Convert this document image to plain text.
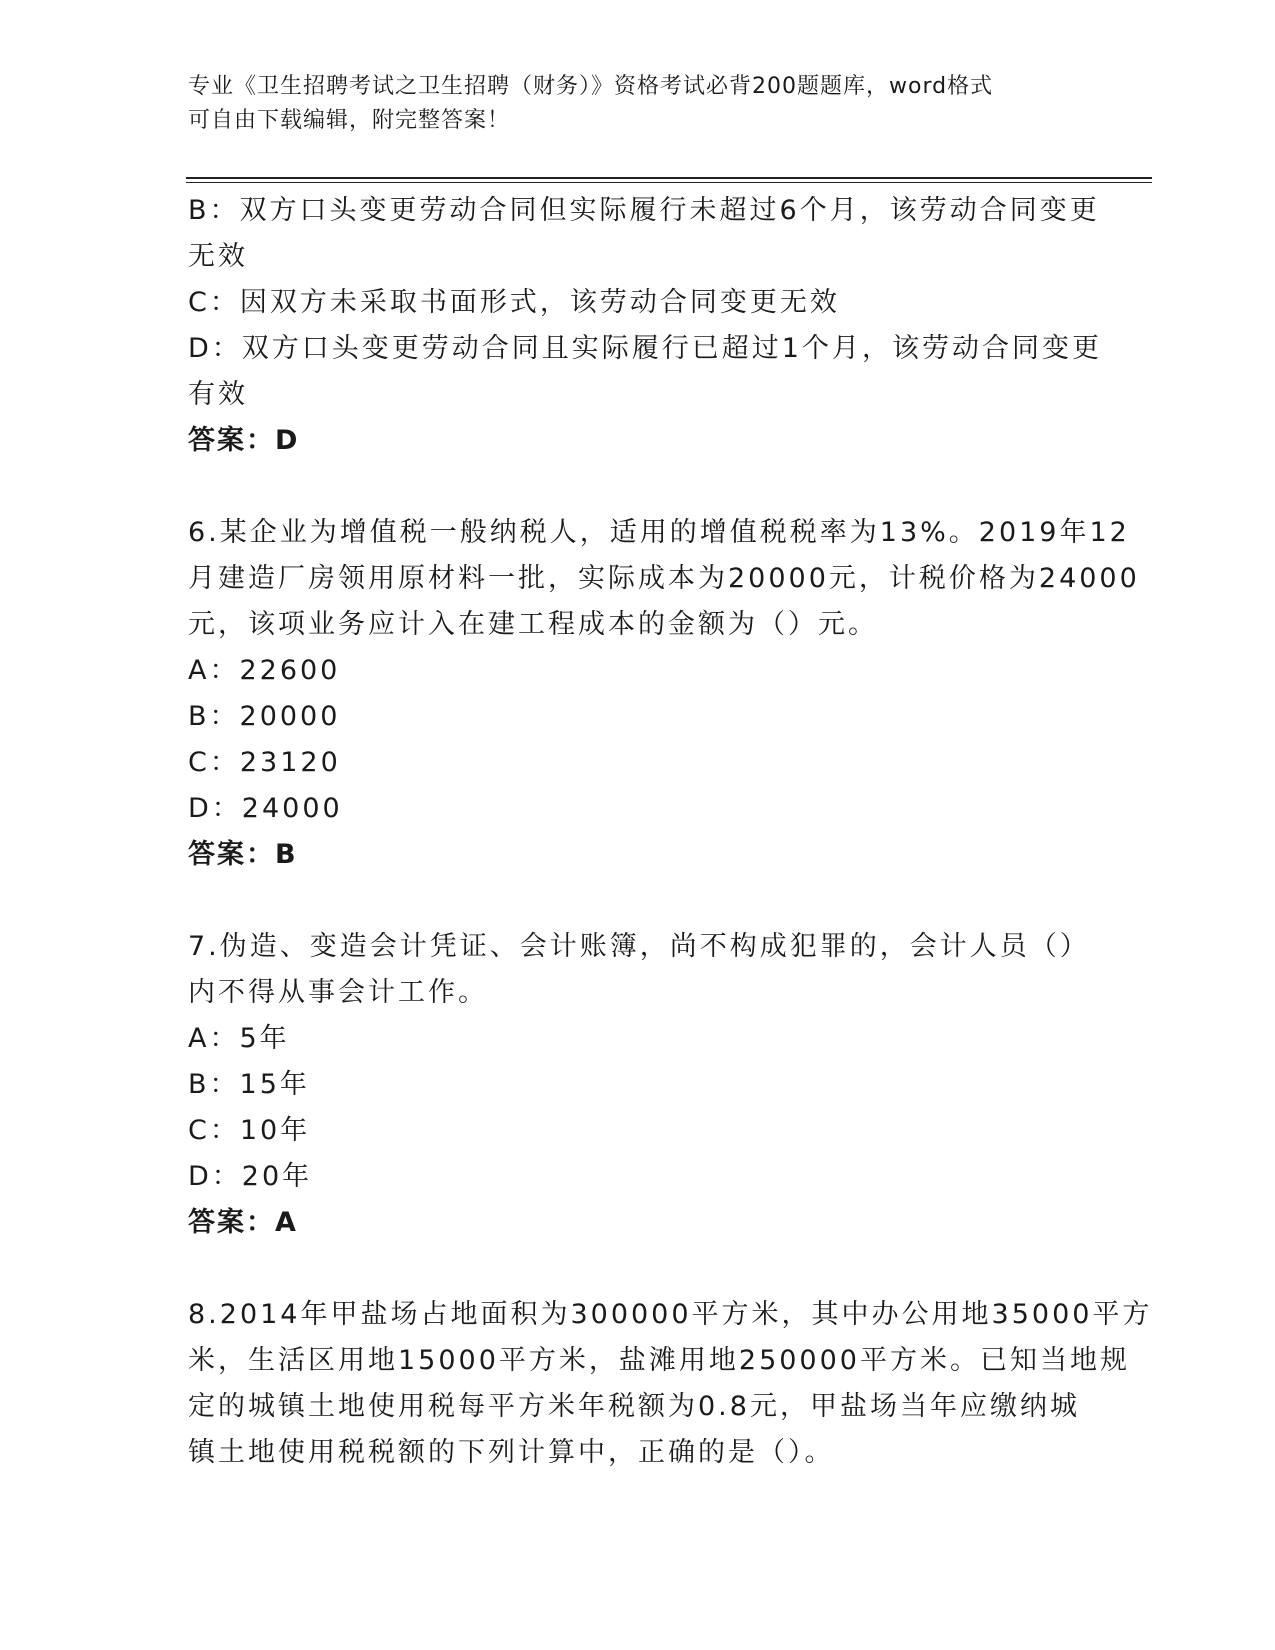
专业《卫生招聘考试之卫生招聘（财务）》资格考试必背200题题库，word格式
可自由下载编辑，附完整答案！
B：双方口头变更劳动合同但实际履行未超过6个月，该劳动合同变更
无效
C：因双方未采取书面形式，该劳动合同变更无效
D：双方口头变更劳动合同且实际履行已超过1个月，该劳动合同变更
有效
答案：D
6.某企业为增值税一般纳税人，适用的增值税税率为13%。2019年12
月建造厂房领用原材料一批，实际成本为20000元，计税价格为24000
元，该项业务应计入在建工程成本的金额为（）元。
A：22600
B：20000
C：23120
D：24000
答案：B
7.伪造、变造会计凭证、会计账簿，尚不构成犯罪的，会计人员（）
内不得从事会计工作。
A：5年
B：15年
C：10年
D：20年
答案：A
8.2014年甲盐场占地面积为300000平方米，其中办公用地35000平方
米，生活区用地15000平方米，盐滩用地250000平方米。已知当地规
定的城镇土地使用税每平方米年税额为0.8元，甲盐场当年应缴纳城
镇土地使用税税额的下列计算中，正确的是（）。
